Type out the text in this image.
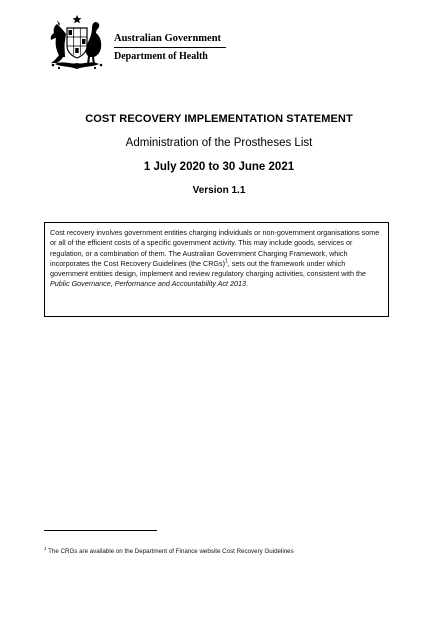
Australian Government
Department of Health
COST RECOVERY IMPLEMENTATION STATEMENT
Administration of the Prostheses List
1 July 2020 to 30 June 2021
Version 1.1
Cost recovery involves government entities charging individuals or non-government organisations some or all of the efficient costs of a specific government activity. This may include goods, services or regulation, or a combination of them. The Australian Government Charging Framework, which incorporates the Cost Recovery Guidelines (the CRGs)$^1$, sets out the framework under which government entities design, implement and review regulatory charging activities, consistent with the Public Governance, Performance and Accountability Act 2013.
$^1$ The CRGs are available on the Department of Finance website Cost Recovery Guidelines
